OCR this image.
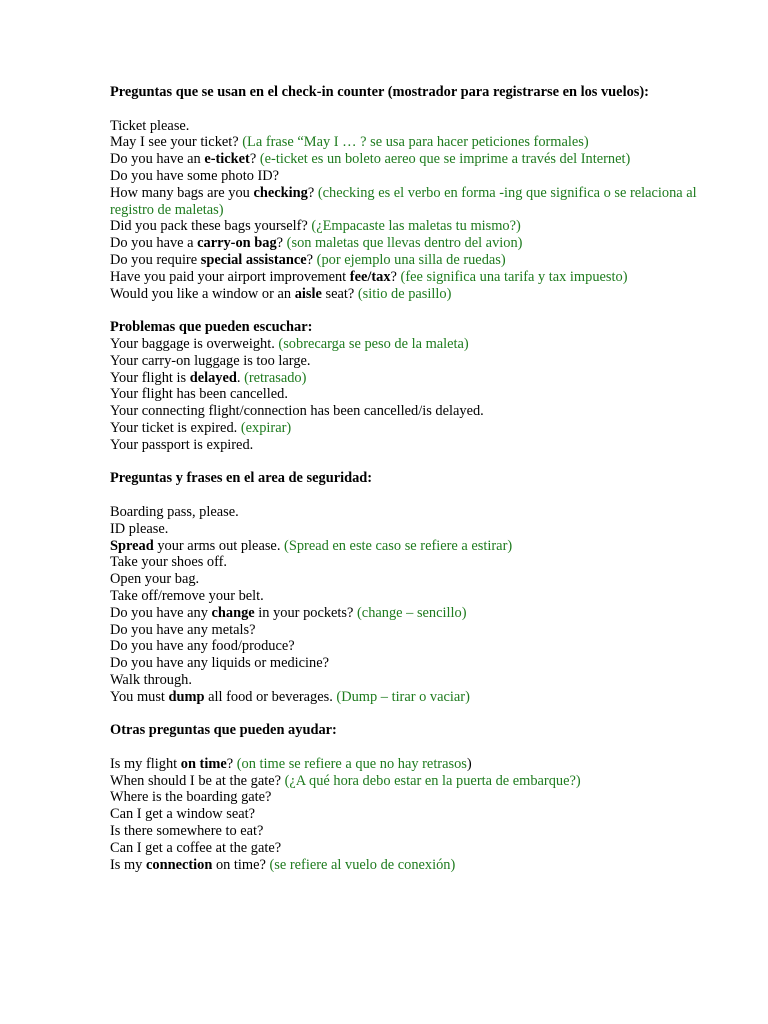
Preguntas que se usan en el check-in counter (mostrador para registrarse en los vuelos):
Ticket please.
May I see your ticket? (La frase “May I … ? se usa para hacer peticiones formales)
Do you have an e-ticket? (e-ticket es un boleto aereo que se imprime a través del Internet)
Do you have some photo ID?
How many bags are you checking? (checking es el verbo en forma -ing que significa o se relaciona al registro de maletas)
Did you pack these bags yourself? (¿Empacaste las maletas tu mismo?)
Do you have a carry-on bag? (son maletas que llevas dentro del avion)
Do you require special assistance? (por ejemplo una silla de ruedas)
Have you paid your airport improvement fee/tax? (fee significa una tarifa y tax impuesto)
Would you like a window or an aisle seat? (sitio de pasillo)
Problemas que pueden escuchar:
Your baggage is overweight. (sobrecarga se peso de la maleta)
Your carry-on luggage is too large.
Your flight is delayed. (retrasado)
Your flight has been cancelled.
Your connecting flight/connection has been cancelled/is delayed.
Your ticket is expired. (expirar)
Your passport is expired.
Preguntas y frases en el area de seguridad:
Boarding pass, please.
ID please.
Spread your arms out please. (Spread en este caso se refiere a estirar)
Take your shoes off.
Open your bag.
Take off/remove your belt.
Do you have any change in your pockets? (change – sencillo)
Do you have any metals?
Do you have any food/produce?
Do you have any liquids or medicine?
Walk through.
You must dump all food or beverages. (Dump – tirar o vaciar)
Otras preguntas que pueden ayudar:
Is my flight on time? (on time se refiere a que no hay retrasos)
When should I be at the gate? (¿A qué hora debo estar en la puerta de embarque?)
Where is the boarding gate?
Can I get a window seat?
Is there somewhere to eat?
Can I get a coffee at the gate?
Is my connection on time? (se refiere al vuelo de conexión)
